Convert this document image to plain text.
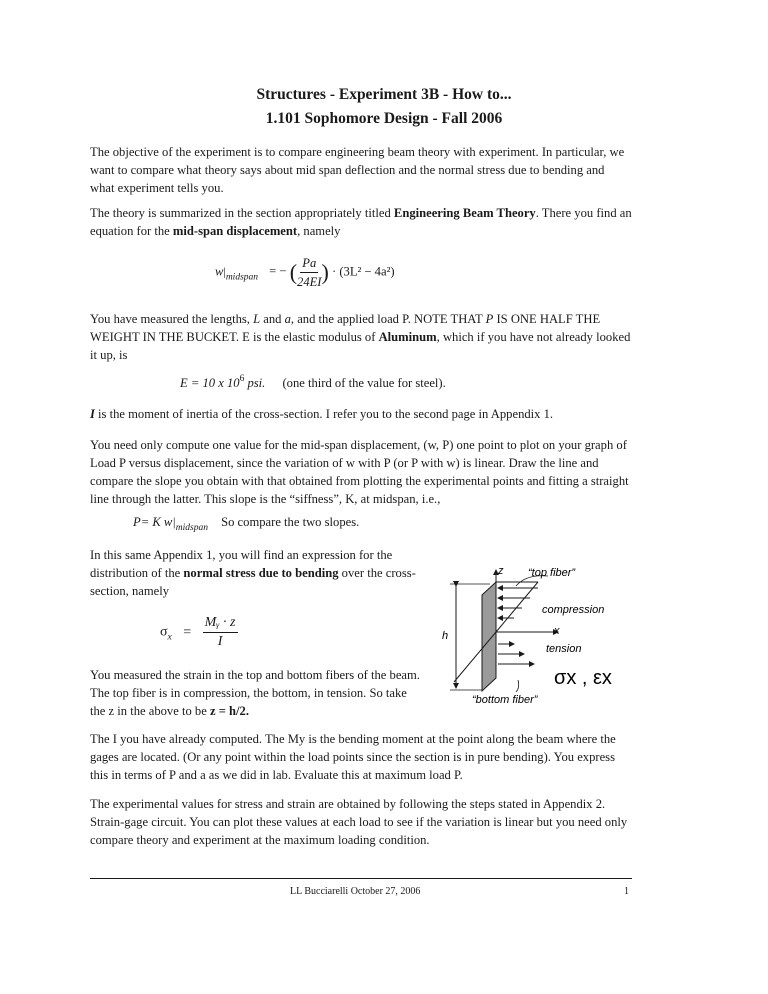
Structures - Experiment 3B - How to...
1.101 Sophomore Design - Fall 2006

The objective of the experiment is to compare engineering beam theory with experiment. In particular, we want to compare what theory says about mid span deflection and the normal stress due to bending and what experiment tells you.

The theory is summarized in the section appropriately titled Engineering Beam Theory. There you find an equation for the mid-span displacement, namely

$w|_{midspan}$ = − ( $\frac{Pa}{24EI}$ ) · (3L² − 4a²)

You have measured the lengths, L and a, and the applied load P. NOTE THAT P IS ONE HALF THE WEIGHT IN THE BUCKET. E is the elastic modulus of Aluminum, which if you have not already looked it up, is

E = 10 x $10^6$ psi. (one third of the value for steel).

I is the moment of inertia of the cross-section. I refer you to the second page in Appendix 1.

You need only compute one value for the mid-span displacement, (w, P) one point to plot on your graph of Load P versus displacement, since the variation of w with P (or P with w) is linear. Draw the line and compare the slope you obtain with that obtained from plotting the experimental points and fitting a straight line through the latter. This slope is the “siffness”, K, at midspan, i.e.,

P= K $w|_{midspan}$ So compare the two slopes.

In this same Appendix 1, you will find an expression for the distribution of the normal stress due to bending over the cross-section, namely

$\sigma_x = \frac{\text{Mᵧ · z}}{I}$

You measured the strain in the top and bottom fibers of the beam. The top fiber is in compression, the bottom, in tension. So take the z in the above to be z = h/2.

z “top fiber”
compression
x
tension
h
“bottom fiber”
σx , εx

The I you have already computed. The My is the bending moment at the point along the beam where the gages are located. (Or any point within the load points since the section is in pure bending). You express this in terms of P and a as we did in lab. Evaluate this at maximum load P.

The experimental values for stress and strain are obtained by following the steps stated in Appendix 2. Strain-gage circuit. You can plot these values at each load to see if the variation is linear but you need only compare theory and experiment at the maximum loading condition.

LL Bucciarelli October 27, 2006	1
